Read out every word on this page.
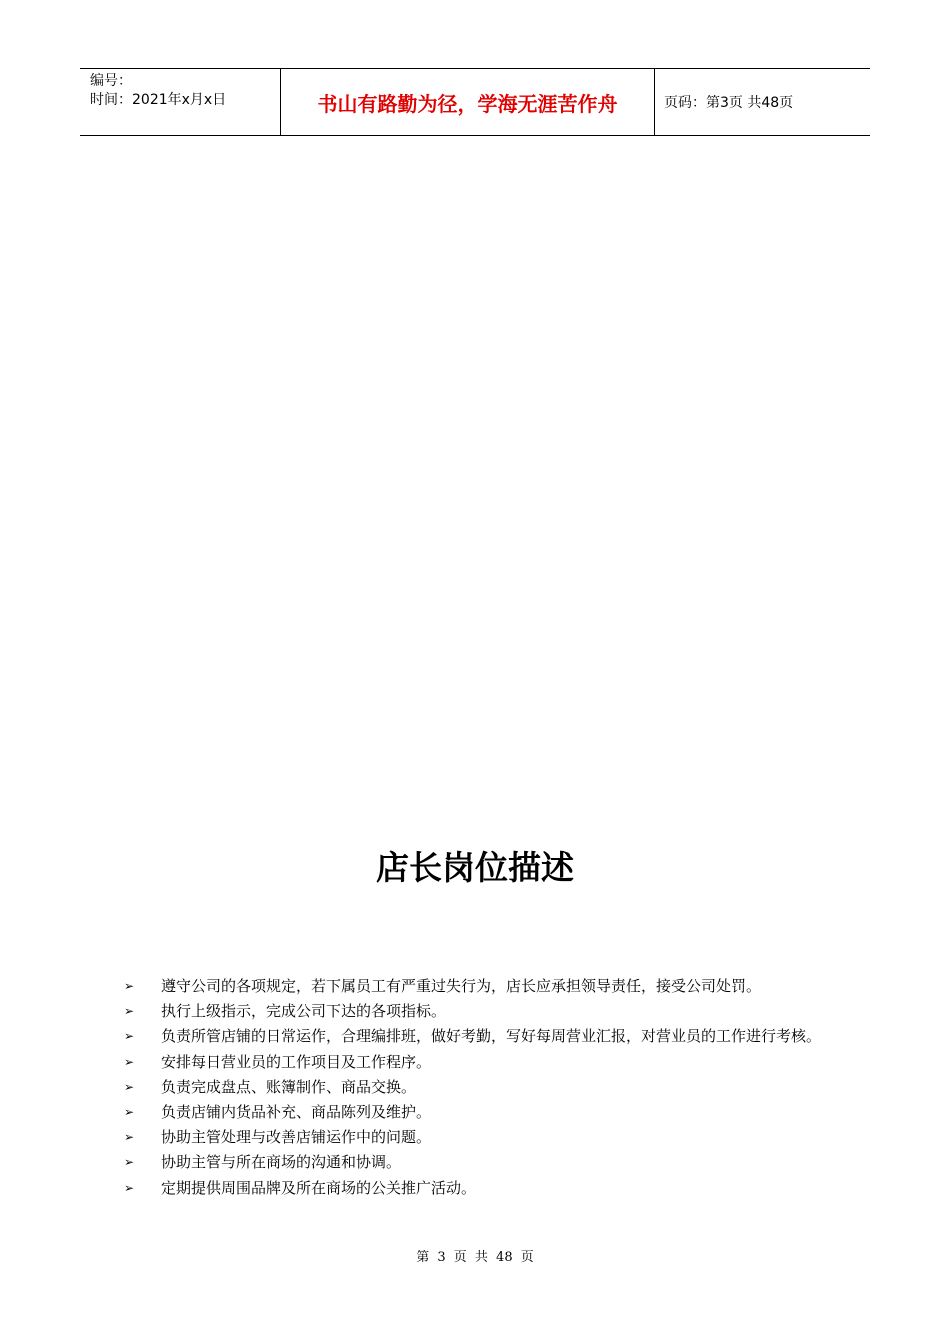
编号：
时间：2021年x月x日	书山有路勤为径，学海无涯苦作舟	页码：第3页 共48页
店长岗位描述
➢	遵守公司的各项规定，若下属员工有严重过失行为，店长应承担领导责任，接受公司处罚。
➢	执行上级指示，完成公司下达的各项指标。
➢	负责所管店铺的日常运作，合理编排班，做好考勤，写好每周营业汇报，对营业员的工作进行考核。
➢	安排每日营业员的工作项目及工作程序。
➢	负责完成盘点、账簿制作、商品交换。
➢	负责店铺内货品补充、商品陈列及维护。
➢	协助主管处理与改善店铺运作中的问题。
➢	协助主管与所在商场的沟通和协调。
➢	定期提供周围品牌及所在商场的公关推广活动。
第 3 页 共 48 页
